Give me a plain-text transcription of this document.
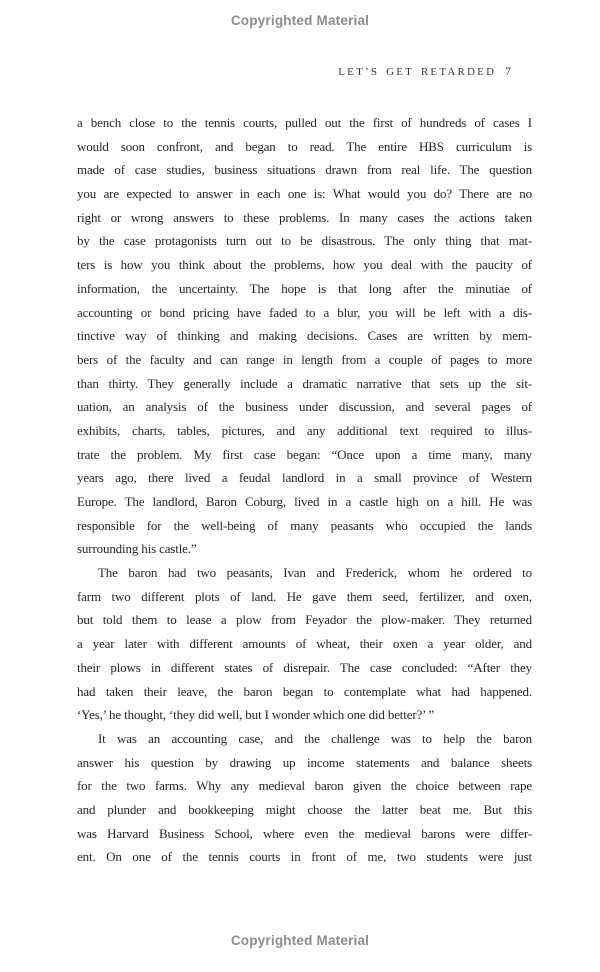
Copyrighted Material
LET’S GET RETARDED 7
a bench close to the tennis courts, pulled out the first of hundreds of cases I
would soon confront, and began to read. The entire HBS curriculum is
made of case studies, business situations drawn from real life. The question
you are expected to answer in each one is: What would you do? There are no
right or wrong answers to these problems. In many cases the actions taken
by the case protagonists turn out to be disastrous. The only thing that mat-
ters is how you think about the problems, how you deal with the paucity of
information, the uncertainty. The hope is that long after the minutiae of
accounting or bond pricing have faded to a blur, you will be left with a dis-
tinctive way of thinking and making decisions. Cases are written by mem-
bers of the faculty and can range in length from a couple of pages to more
than thirty. They generally include a dramatic narrative that sets up the sit-
uation, an analysis of the business under discussion, and several pages of
exhibits, charts, tables, pictures, and any additional text required to illus-
trate the problem. My first case began: “Once upon a time many, many
years ago, there lived a feudal landlord in a small province of Western
Europe. The landlord, Baron Coburg, lived in a castle high on a hill. He was
responsible for the well-being of many peasants who occupied the lands
surrounding his castle.”
The baron had two peasants, Ivan and Frederick, whom he ordered to
farm two different plots of land. He gave them seed, fertilizer, and oxen,
but told them to lease a plow from Feyador the plow-maker. They returned
a year later with different amounts of wheat, their oxen a year older, and
their plows in different states of disrepair. The case concluded: “After they
had taken their leave, the baron began to contemplate what had happened.
‘Yes,’ he thought, ‘they did well, but I wonder which one did better?’ ”
It was an accounting case, and the challenge was to help the baron
answer his question by drawing up income statements and balance sheets
for the two farms. Why any medieval baron given the choice between rape
and plunder and bookkeeping might choose the latter beat me. But this
was Harvard Business School, where even the medieval barons were differ-
ent. On one of the tennis courts in front of me, two students were just
Copyrighted Material
